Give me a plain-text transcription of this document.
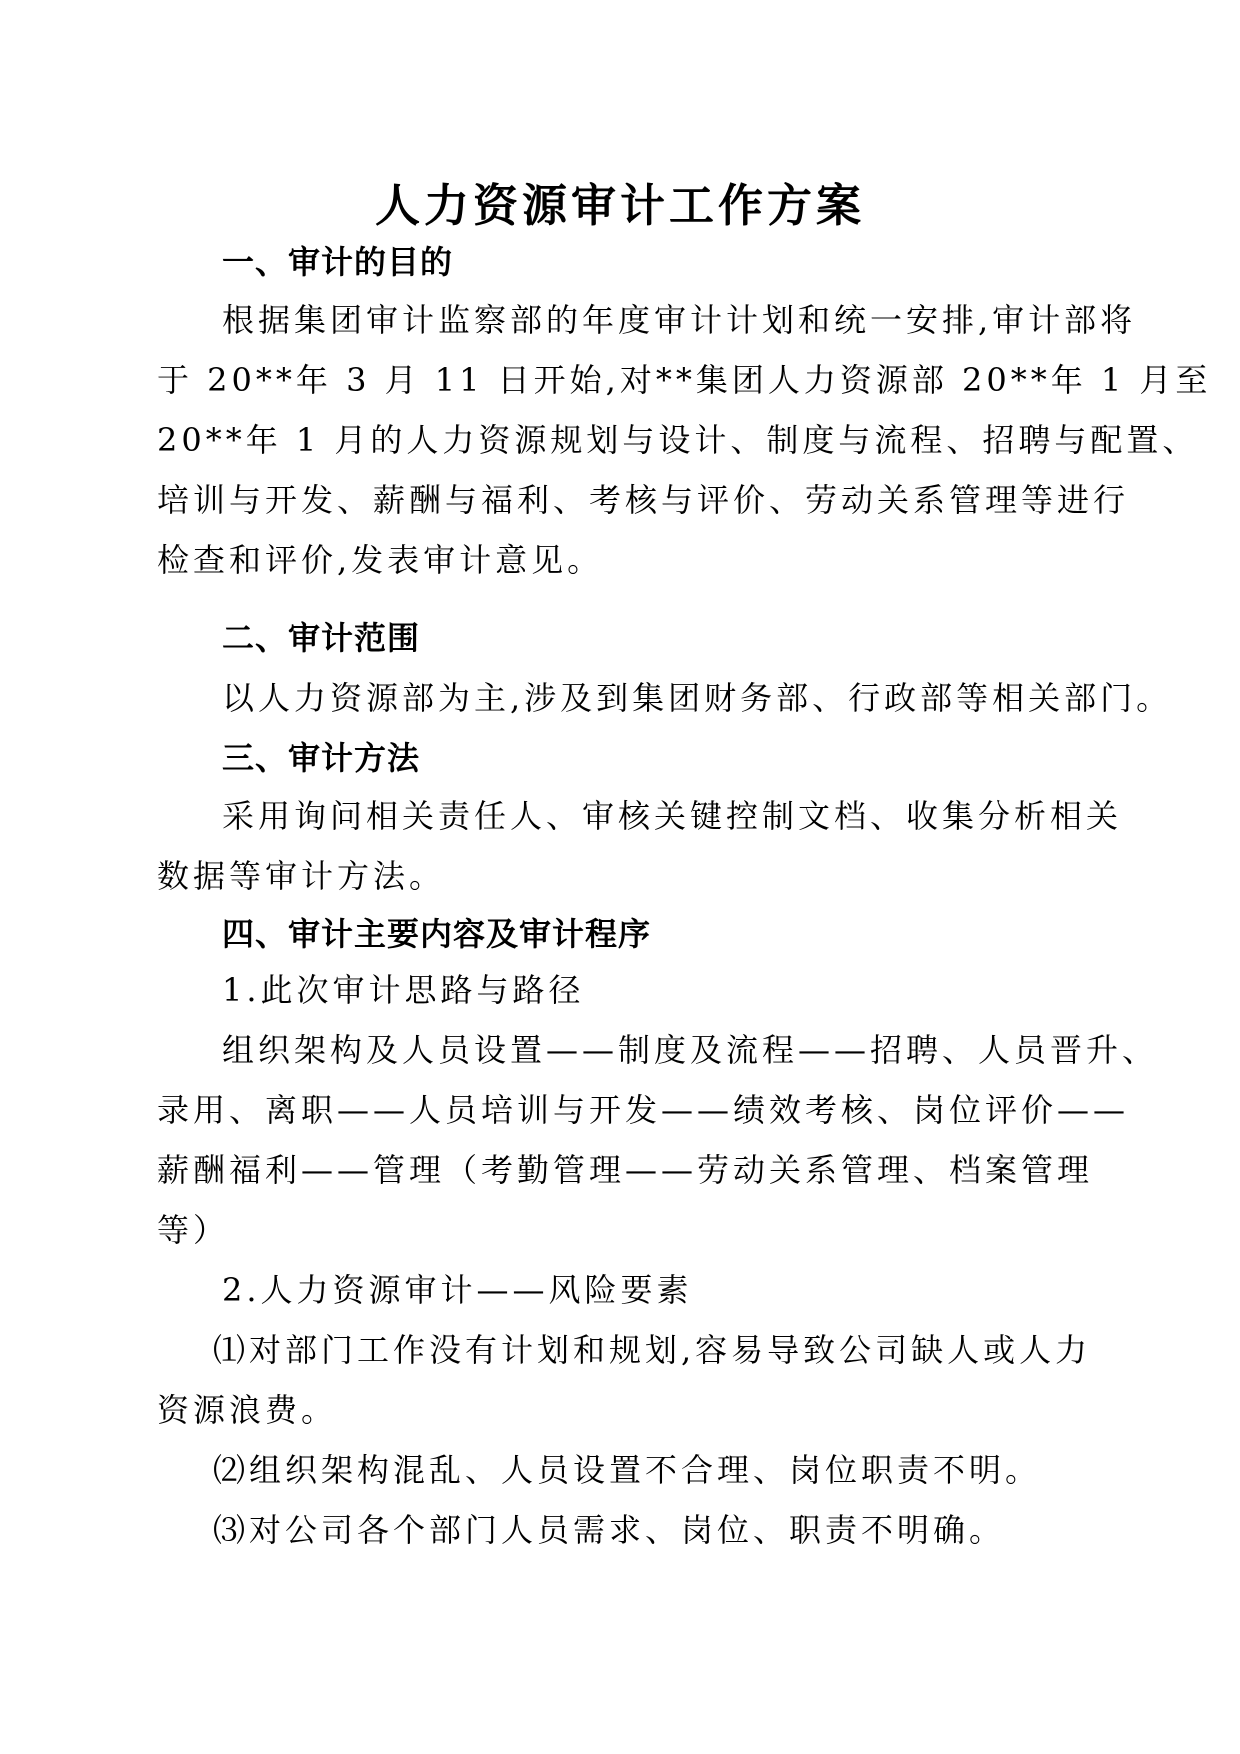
人力资源审计工作方案
一、审计的目的
根据集团审计监察部的年度审计计划和统一安排,审计部将
于 20**年 3 月 11 日开始,对**集团人力资源部 20**年 1 月至
20**年 1 月的人力资源规划与设计、制度与流程、招聘与配置、
培训与开发、薪酬与福利、考核与评价、劳动关系管理等进行
检查和评价,发表审计意见。
二、审计范围
以人力资源部为主,涉及到集团财务部、行政部等相关部门。
三、审计方法
采用询问相关责任人、审核关键控制文档、收集分析相关
数据等审计方法。
四、审计主要内容及审计程序
1.此次审计思路与路径
组织架构及人员设置——制度及流程——招聘、人员晋升、
录用、离职——人员培训与开发——绩效考核、岗位评价——
薪酬福利——管理（考勤管理——劳动关系管理、档案管理
等）
2.人力资源审计——风险要素
⑴对部门工作没有计划和规划,容易导致公司缺人或人力
资源浪费。
⑵组织架构混乱、人员设置不合理、岗位职责不明。
⑶对公司各个部门人员需求、岗位、职责不明确。
